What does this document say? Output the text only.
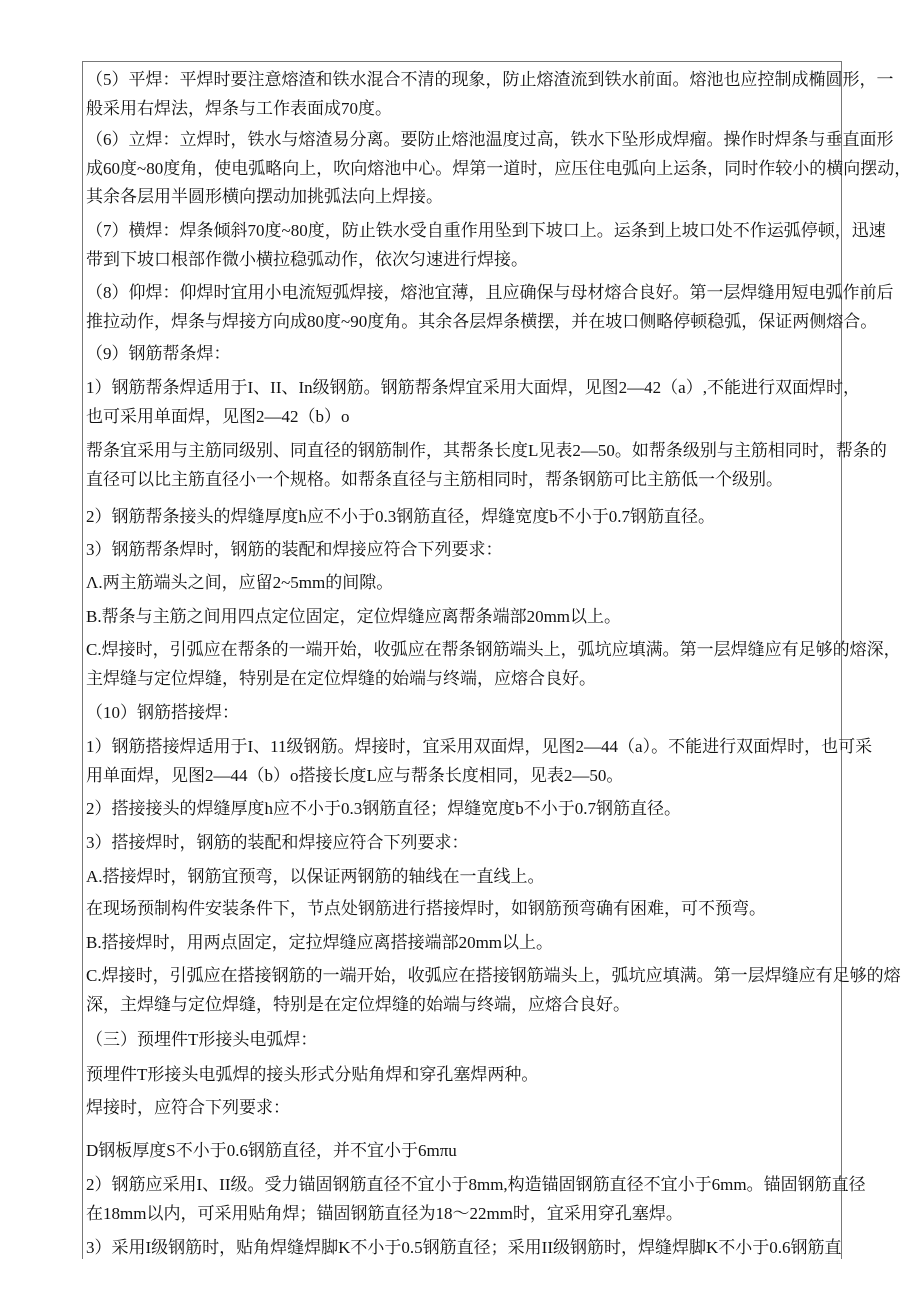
（5）平焊：平焊时要注意熔渣和铁水混合不清的现象，防止熔渣流到铁水前面。熔池也应控制成椭圆形，一
般采用右焊法，焊条与工作表面成70度。
（6）立焊：立焊时，铁水与熔渣易分离。要防止熔池温度过高，铁水下坠形成焊瘤。操作时焊条与垂直面形
成60度~80度角，使电弧略向上，吹向熔池中心。焊第一道时，应压住电弧向上运条，同时作较小的横向摆动，
其余各层用半圆形横向摆动加挑弧法向上焊接。
（7）横焊：焊条倾斜70度~80度，防止铁水受自重作用坠到下坡口上。运条到上坡口处不作运弧停顿，迅速
带到下坡口根部作微小横拉稳弧动作，依次匀速进行焊接。
（8）仰焊：仰焊时宜用小电流短弧焊接，熔池宜薄，且应确保与母材熔合良好。第一层焊缝用短电弧作前后
推拉动作，焊条与焊接方向成80度~90度角。其余各层焊条横摆，并在坡口侧略停顿稳弧，保证两侧熔合。
（9）钢筋帮条焊：
1）钢筋帮条焊适用于I、II、In级钢筋。钢筋帮条焊宜采用大面焊，见图2—42（a）,不能进行双面焊时，
也可采用单面焊，见图2—42（b）o
帮条宜采用与主筋同级别、同直径的钢筋制作，其帮条长度L见表2—50。如帮条级别与主筋相同时，帮条的
直径可以比主筋直径小一个规格。如帮条直径与主筋相同时，帮条钢筋可比主筋低一个级别。
2）钢筋帮条接头的焊缝厚度h应不小于0.3钢筋直径，焊缝宽度b不小于0.7钢筋直径。
3）钢筋帮条焊时，钢筋的装配和焊接应符合下列要求：
Λ.两主筋端头之间，应留2~5mm的间隙。
B.帮条与主筋之间用四点定位固定，定位焊缝应离帮条端部20mm以上。
C.焊接时，引弧应在帮条的一端开始，收弧应在帮条钢筋端头上，弧坑应填满。第一层焊缝应有足够的熔深，
主焊缝与定位焊缝，特别是在定位焊缝的始端与终端，应熔合良好。
（10）钢筋搭接焊：
1）钢筋搭接焊适用于I、11级钢筋。焊接时，宜采用双面焊，见图2—44（a）。不能进行双面焊时，也可采
用单面焊，见图2—44（b）o搭接长度L应与帮条长度相同，见表2—50。
2）搭接接头的焊缝厚度h应不小于0.3钢筋直径；焊缝宽度b不小于0.7钢筋直径。
3）搭接焊时，钢筋的装配和焊接应符合下列要求：
A.搭接焊时，钢筋宜预弯，以保证两钢筋的轴线在一直线上。
在现场预制构件安装条件下，节点处钢筋进行搭接焊时，如钢筋预弯确有困难，可不预弯。
B.搭接焊时，用两点固定，定拉焊缝应离搭接端部20mm以上。
C.焊接时，引弧应在搭接钢筋的一端开始，收弧应在搭接钢筋端头上，弧坑应填满。第一层焊缝应有足够的熔
深，主焊缝与定位焊缝，特别是在定位焊缝的始端与终端，应熔合良好。
（三）预埋件T形接头电弧焊：
预埋件T形接头电弧焊的接头形式分贴角焊和穿孔塞焊两种。
焊接时，应符合下列要求：
D钢板厚度S不小于0.6钢筋直径，并不宜小于6mπu
2）钢筋应采用I、II级。受力锚固钢筋直径不宜小于8mm,构造锚固钢筋直径不宜小于6mm。锚固钢筋直径
在18mm以内，可采用贴角焊；锚固钢筋直径为18～22mm时，宜采用穿孔塞焊。
3）采用I级钢筋时，贴角焊缝焊脚K不小于0.5钢筋直径；采用II级钢筋时，焊缝焊脚K不小于0.6钢筋直
